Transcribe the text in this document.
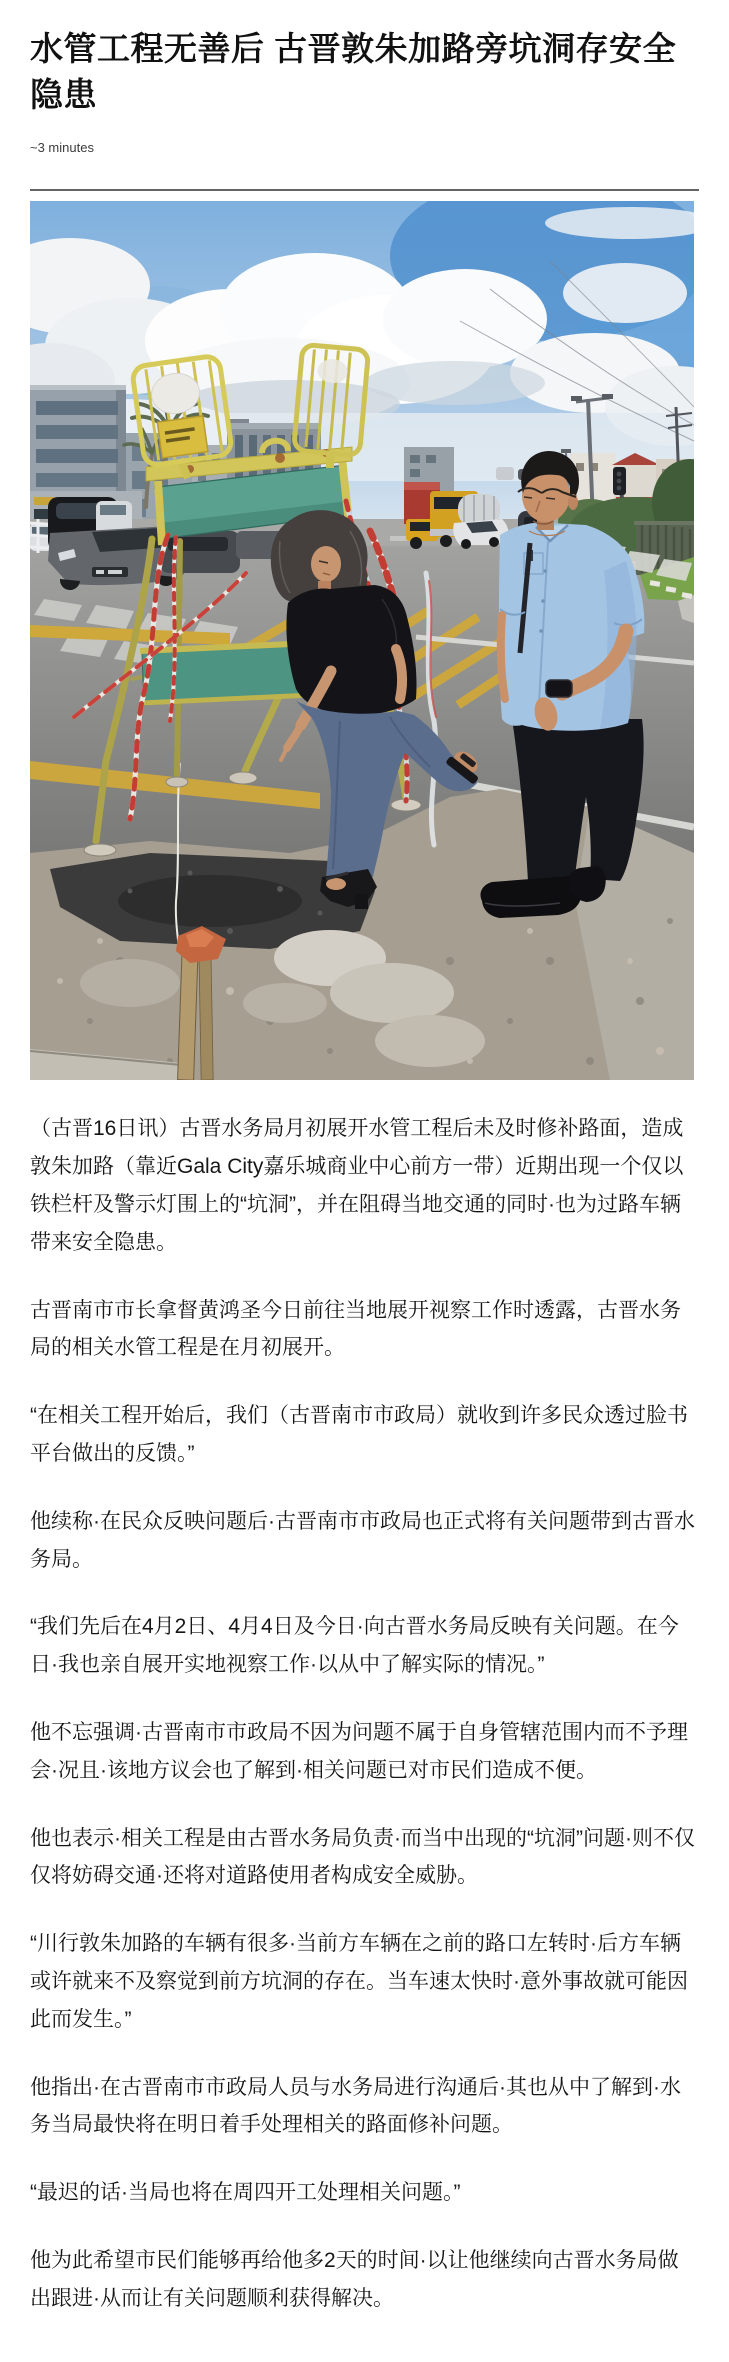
水管工程无善后 古晋敦朱加路旁坑洞存安全隐患
~3 minutes

（古晋16日讯）古晋水务局月初展开水管工程后未及时修补路面，造成敦朱加路（靠近Gala City嘉乐城商业中心前方一带）近期出现一个仅以铁栏杆及警示灯围上的“坑洞”，并在阻碍当地交通的同时·也为过路车辆带来安全隐患。

古晋南市市长拿督黄鸿圣今日前往当地展开视察工作时透露，古晋水务局的相关水管工程是在月初展开。

“在相关工程开始后，我们（古晋南市市政局）就收到许多民众透过脸书平台做出的反馈。”

他续称·在民众反映问题后·古晋南市市政局也正式将有关问题带到古晋水务局。

“我们先后在4月2日、4月4日及今日·向古晋水务局反映有关问题。在今日·我也亲自展开实地视察工作·以从中了解实际的情况。”

他不忘强调·古晋南市市政局不因为问题不属于自身管辖范围内而不予理会·况且·该地方议会也了解到·相关问题已对市民们造成不便。

他也表示·相关工程是由古晋水务局负责·而当中出现的“坑洞”问题·则不仅仅将妨碍交通·还将对道路使用者构成安全威胁。

“川行敦朱加路的车辆有很多·当前方车辆在之前的路口左转时·后方车辆或许就来不及察觉到前方坑洞的存在。当车速太快时·意外事故就可能因此而发生。”

他指出·在古晋南市市政局人员与水务局进行沟通后·其也从中了解到·水务当局最快将在明日着手处理相关的路面修补问题。

“最迟的话·当局也将在周四开工处理相关问题。”

他为此希望市民们能够再给他多2天的时间·以让他继续向古晋水务局做出跟进·从而让有关问题顺利获得解决。
